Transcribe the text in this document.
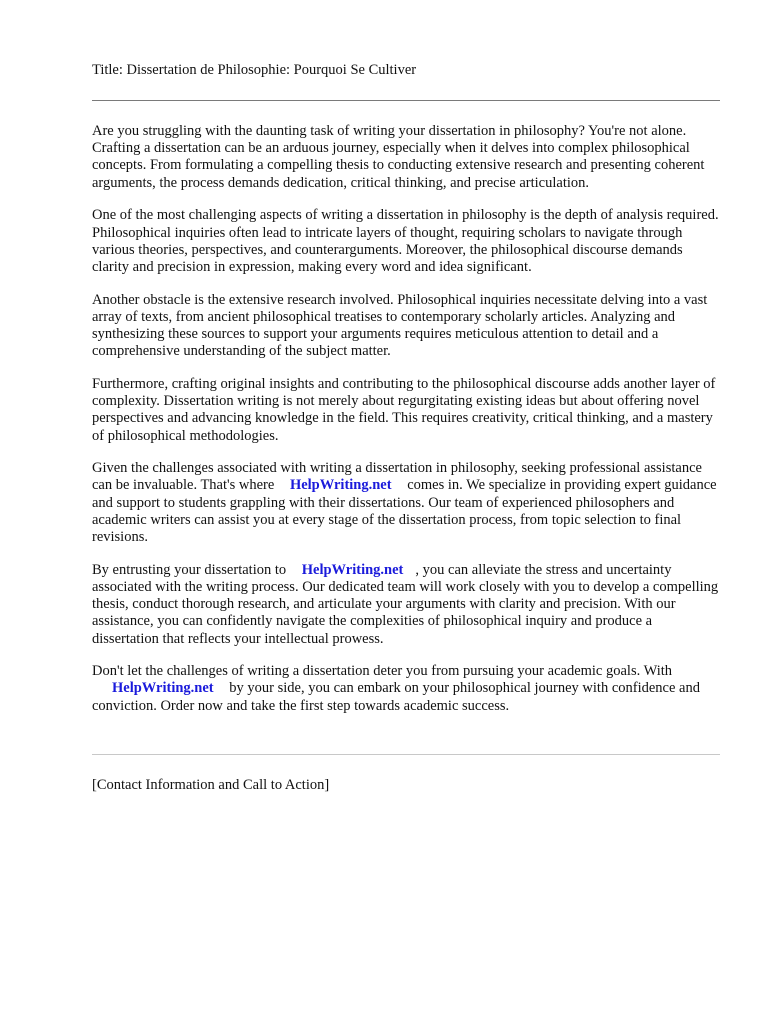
Title: Dissertation de Philosophie: Pourquoi Se Cultiver

Are you struggling with the daunting task of writing your dissertation in philosophy? You're not alone. Crafting a dissertation can be an arduous journey, especially when it delves into complex philosophical concepts. From formulating a compelling thesis to conducting extensive research and presenting coherent arguments, the process demands dedication, critical thinking, and precise articulation.

One of the most challenging aspects of writing a dissertation in philosophy is the depth of analysis required. Philosophical inquiries often lead to intricate layers of thought, requiring scholars to navigate through various theories, perspectives, and counterarguments. Moreover, the philosophical discourse demands clarity and precision in expression, making every word and idea significant.

Another obstacle is the extensive research involved. Philosophical inquiries necessitate delving into a vast array of texts, from ancient philosophical treatises to contemporary scholarly articles. Analyzing and synthesizing these sources to support your arguments requires meticulous attention to detail and a comprehensive understanding of the subject matter.

Furthermore, crafting original insights and contributing to the philosophical discourse adds another layer of complexity. Dissertation writing is not merely about regurgitating existing ideas but about offering novel perspectives and advancing knowledge in the field. This requires creativity, critical thinking, and a mastery of philosophical methodologies.

Given the challenges associated with writing a dissertation in philosophy, seeking professional assistance can be invaluable. That's where HelpWriting.net comes in. We specialize in providing expert guidance and support to students grappling with their dissertations. Our team of experienced philosophers and academic writers can assist you at every stage of the dissertation process, from topic selection to final revisions.

By entrusting your dissertation to HelpWriting.net , you can alleviate the stress and uncertainty associated with the writing process. Our dedicated team will work closely with you to develop a compelling thesis, conduct thorough research, and articulate your arguments with clarity and precision. With our assistance, you can confidently navigate the complexities of philosophical inquiry and produce a dissertation that reflects your intellectual prowess.

Don't let the challenges of writing a dissertation deter you from pursuing your academic goals. With HelpWriting.net by your side, you can embark on your philosophical journey with confidence and conviction. Order now and take the first step towards academic success.

[Contact Information and Call to Action]
